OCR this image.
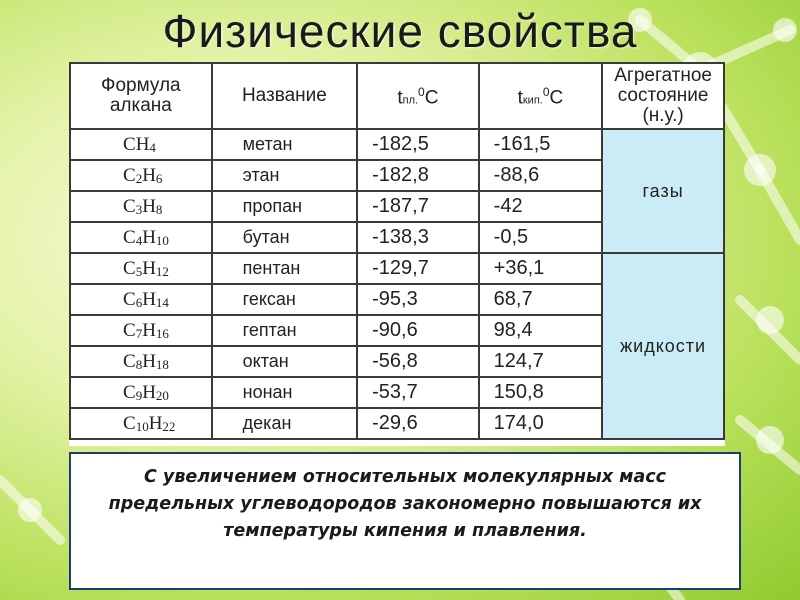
Физические свойства
Формула алкана	Название	tпл.$^0$C	tкип.$^0$C	Агрегатное состояние (н.у.)
$CH_4$	метан	-182,5	-161,5	газы
$C_2H_6$	этан	-182,8	-88,6	
$C_3H_8$	пропан	-187,7	-42	
$C_4H_{10}$	бутан	-138,3	-0,5	
$C_5H_{12}$	пентан	-129,7	+36,1	жидкости
$C_6H_{14}$	гексан	-95,3	68,7	
$C_7H_{16}$	гептан	-90,6	98,4	
$C_8H_{18}$	октан	-56,8	124,7	
$C_9H_{20}$	нонан	-53,7	150,8	
$C_{10}H_{22}$	декан	-29,6	174,0	
С увеличением относительных молекулярных масс предельных углеводородов закономерно повышаются их температуры кипения и плавления.
